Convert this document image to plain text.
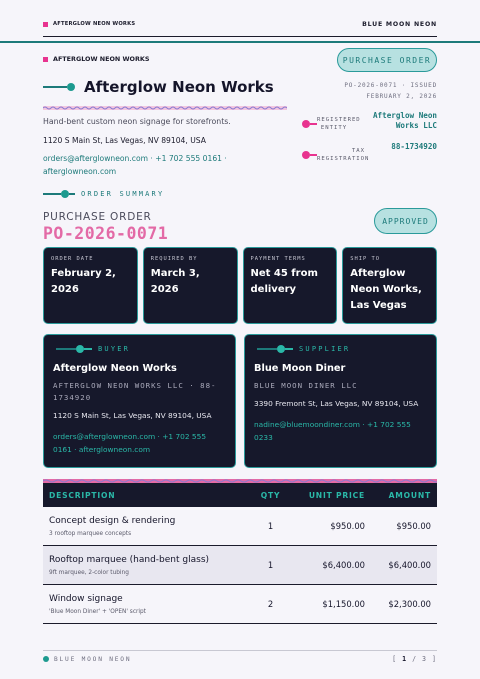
AFTERGLOW NEON WORKS	BLUE MOON NEON
AFTERGLOW NEON WORKS	PURCHASE ORDER
PO-2026-0071 · ISSUED
FEBRUARY 2, 2026
Afterglow Neon Works
Hand-bent custom neon signage for storefronts.
1120 S Main St, Las Vegas, NV 89104, USA
orders@afterglowneon.com · +1 702 555 0161 · afterglowneon.com
REGISTERED ENTITY
Afterglow Neon Works LLC
TAX REGISTRATION
88-1734920
ORDER SUMMARY
PURCHASE ORDER
PO-2026-0071
APPROVED
ORDER DATE
February 2, 2026
REQUIRED BY
March 3, 2026
PAYMENT TERMS
Net 45 from delivery
SHIP TO
Afterglow Neon Works, Las Vegas
BUYER
Afterglow Neon Works
AFTERGLOW NEON WORKS LLC · 88-1734920
1120 S Main St, Las Vegas, NV 89104, USA
orders@afterglowneon.com · +1 702 555 0161 · afterglowneon.com
SUPPLIER
Blue Moon Diner
BLUE MOON DINER LLC
3390 Fremont St, Las Vegas, NV 89104, USA
nadine@bluemoondiner.com · +1 702 555 0233
DESCRIPTION	QTY	UNIT PRICE	AMOUNT
Concept design & rendering
3 rooftop marquee concepts
1	$950.00	$950.00
Rooftop marquee (hand-bent glass)
9ft marquee, 2-color tubing
1	$6,400.00	$6,400.00
Window signage
'Blue Moon Diner' + 'OPEN' script
2	$1,150.00	$2,300.00
BLUE MOON NEON	[ 1 / 3 ]
